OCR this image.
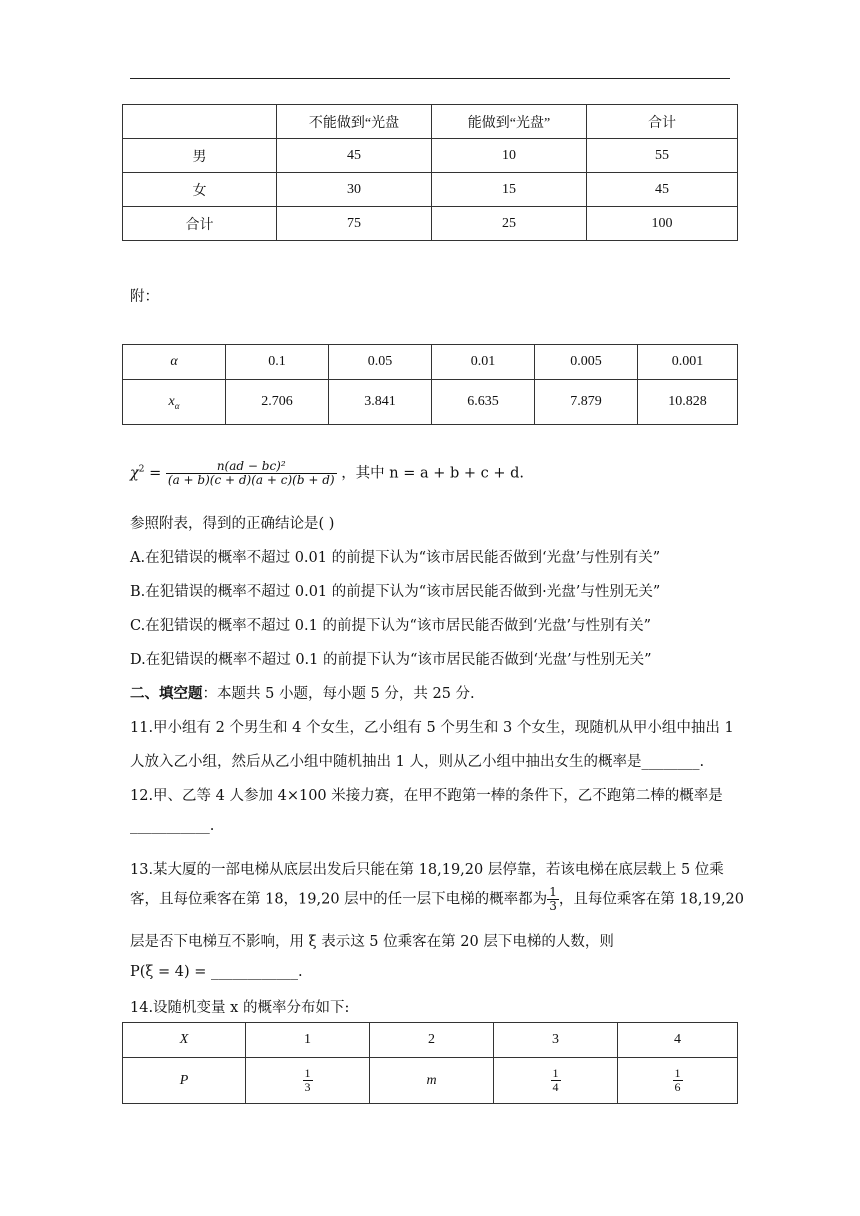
	不能做到“光盘	能做到“光盘”	合计
男	45	10	55
女	30	15	45
合计	75	25	100
附：
α	0.1	0.05	0.01	0.005	0.001
$x_\alpha$	2.706	3.841	6.635	7.879	10.828
$\chi^2 = \frac{\text{n(ad − bc)²}}{(a + b)(c + d)(a + c)(b + d)}$ ，其中 n = a + b + c + d.
参照附表，得到的正确结论是( )
A.在犯错误的概率不超过 0.01 的前提下认为“该市居民能否做到‘光盘’与性别有关”
B.在犯错误的概率不超过 0.01 的前提下认为“该市居民能否做到·光盘’与性别无关”
C.在犯错误的概率不超过 0.1 的前提下认为“该市居民能否做到‘光盘’与性别有关”
D.在犯错误的概率不超过 0.1 的前提下认为“该市居民能否做到‘光盘’与性别无关”
二、填空题：本题共 5 小题，每小题 5 分，共 25 分.
11.甲小组有 2 个男生和 4 个女生，乙小组有 5 个男生和 3 个女生，现随机从甲小组中抽出 1
人放入乙小组，然后从乙小组中随机抽出 1 人，则从乙小组中抽出女生的概率是________.
12.甲、乙等 4 人参加 4×100 米接力赛，在甲不跑第一棒的条件下，乙不跑第二棒的概率是
___________.
13.某大厦的一部电梯从底层出发后只能在第 18,19,20 层停靠，若该电梯在底层载上 5 位乘
客，且每位乘客在第 18，19,20 层中的任一层下电梯的概率都为 $\frac{1}{3}$ ，且每位乘客在第 18,19,20
层是否下电梯互不影响，用 ξ 表示这 5 位乘客在第 20 层下电梯的人数，则
P(ξ = 4) = ____________.
14.设随机变量 x 的概率分布如下:
X	1	2	3	4
P	$\frac{1}{3}$	m	$\frac{1}{4}$	$\frac{1}{6}$
